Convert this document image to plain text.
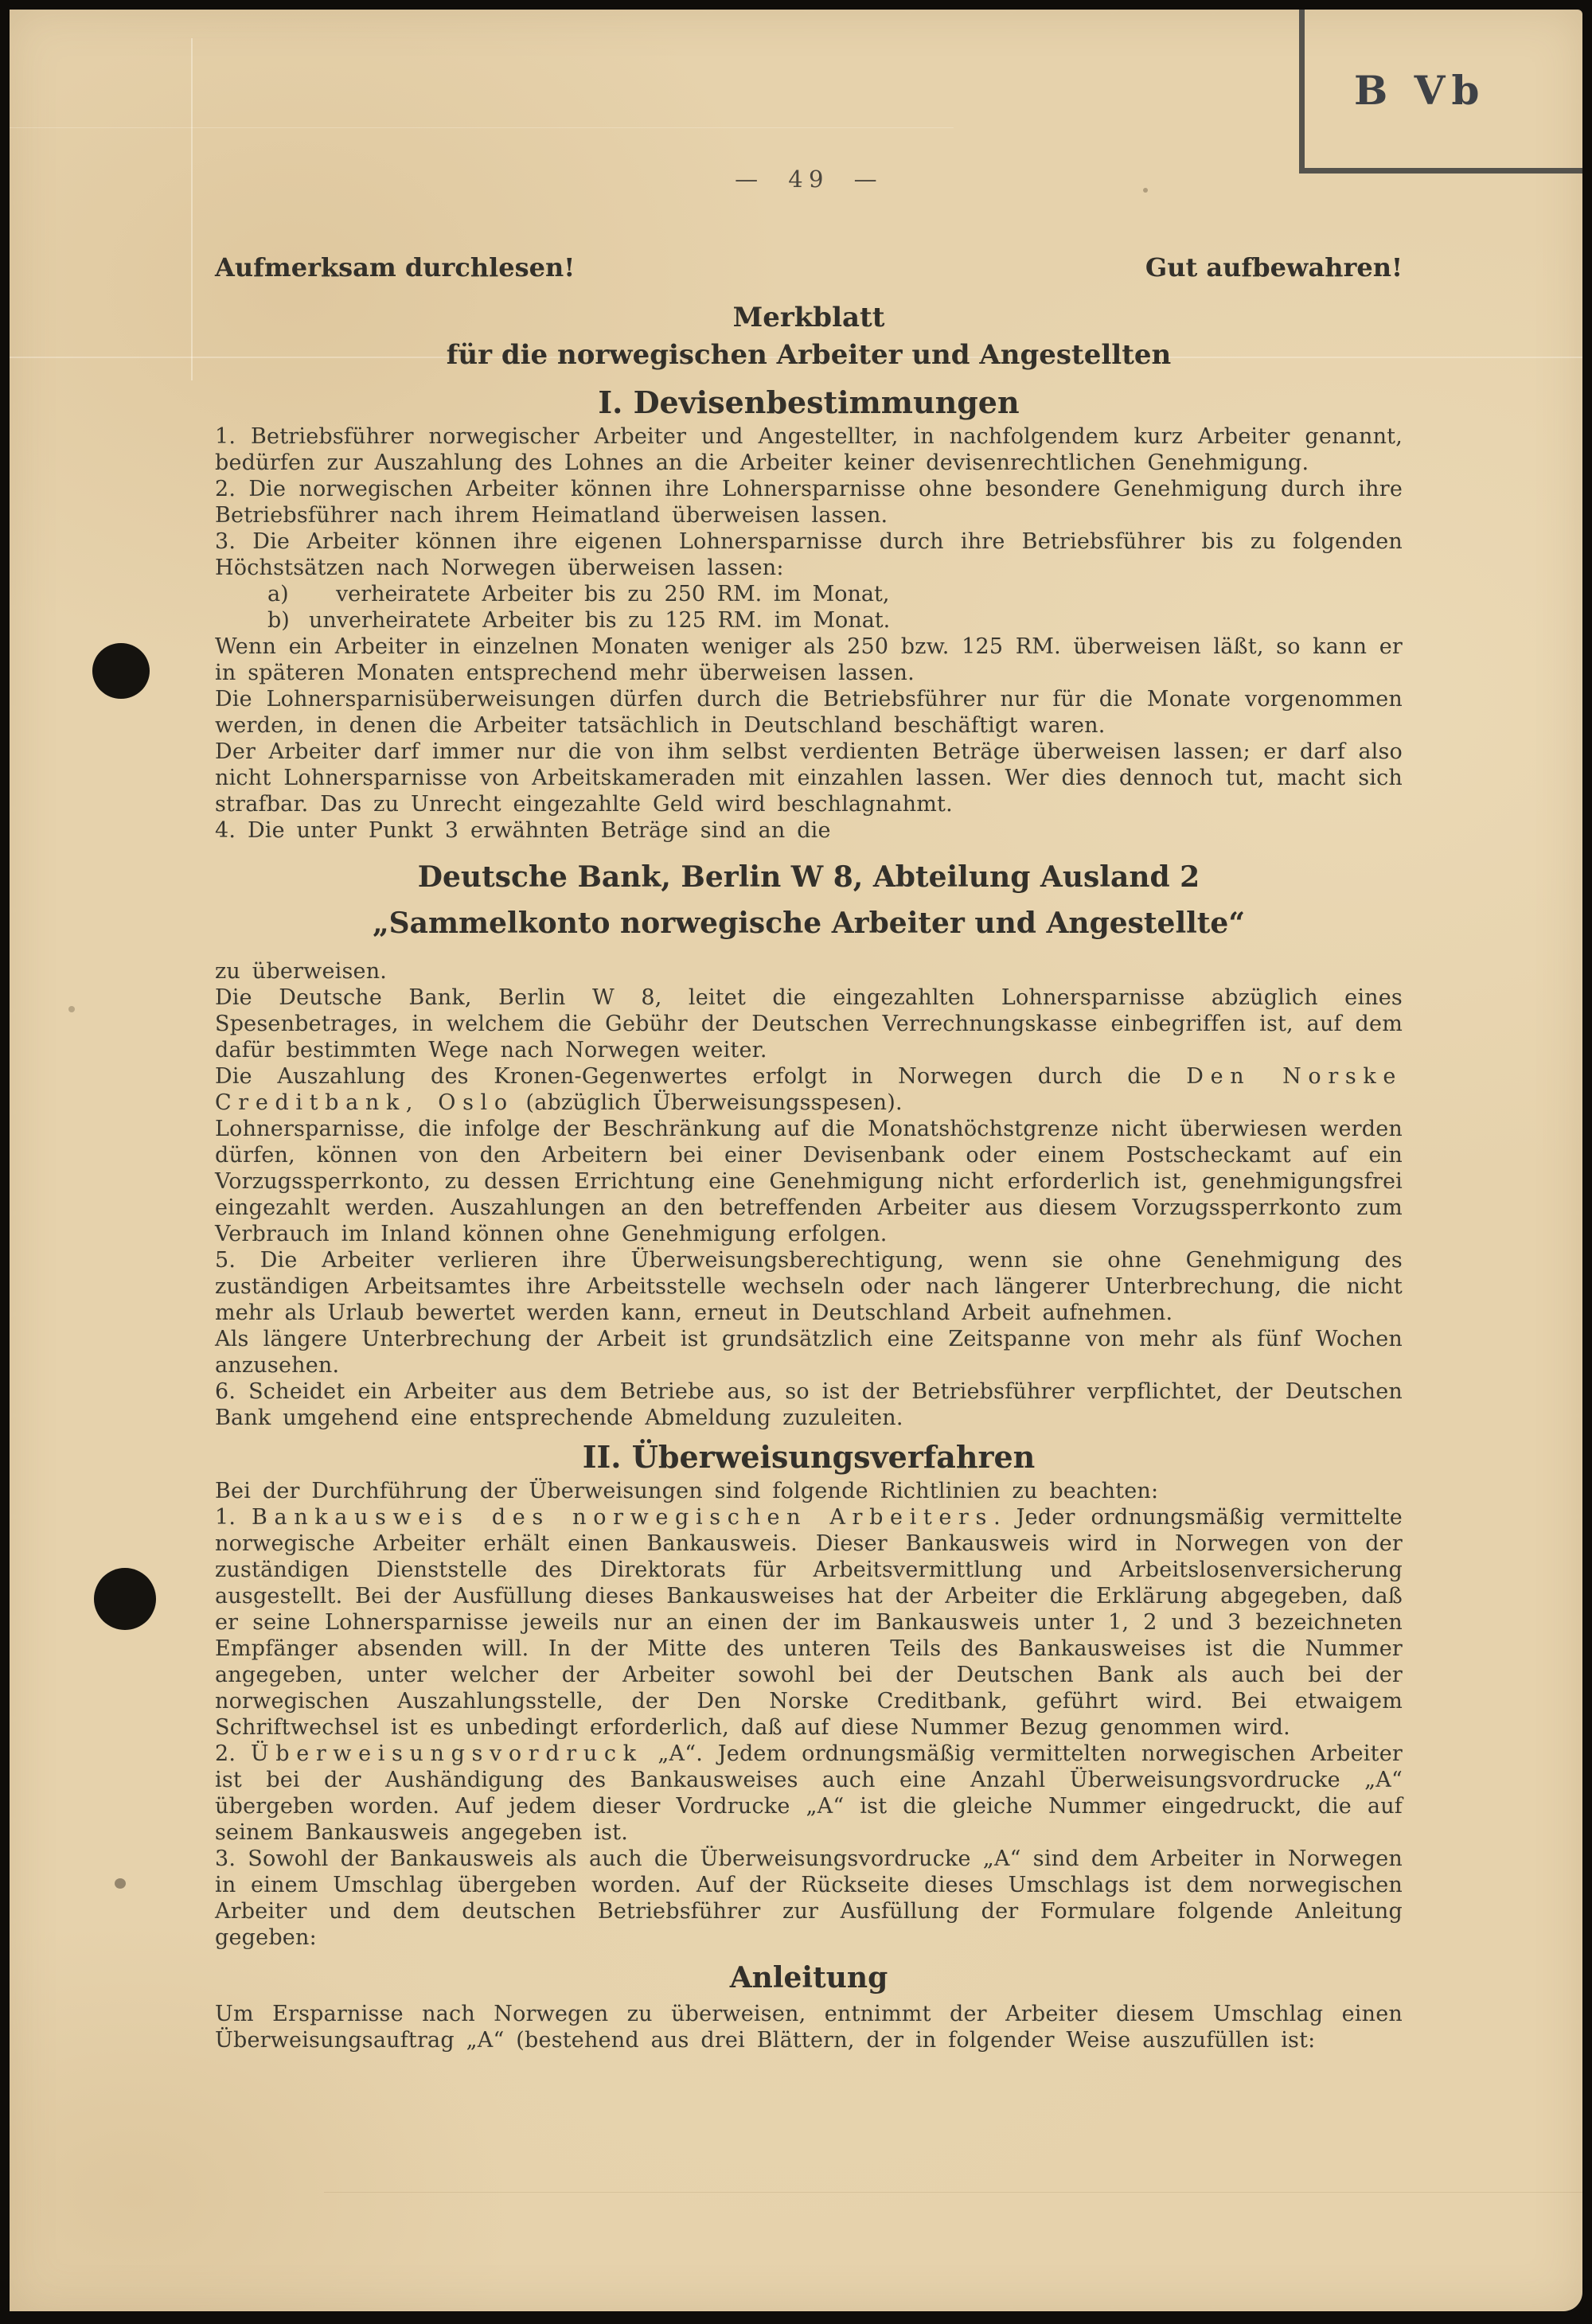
B Vb
— 49 —
Aufmerksam durchlesen!	Gut aufbewahren!
Merkblatt
für die norwegischen Arbeiter und Angestellten
I. Devisenbestimmungen

1. Betriebsführer norwegischer Arbeiter und Angestellter, in nachfolgendem kurz Arbeiter genannt, bedürfen zur Auszahlung des Lohnes an die Arbeiter keiner devisenrechtlichen Genehmigung.

2. Die norwegischen Arbeiter können ihre Lohnersparnisse ohne besondere Genehmigung durch ihre Betriebsführer nach ihrem Heimatland überweisen lassen.

3. Die Arbeiter können ihre eigenen Lohnersparnisse durch ihre Betriebsführer bis zu folgenden Höchstsätzen nach Norwegen überweisen lassen:

a)	verheiratete Arbeiter bis zu 250 RM. im Monat,
b) unverheiratete Arbeiter bis zu 125 RM. im Monat.

Wenn ein Arbeiter in einzelnen Monaten weniger als 250 bzw. 125 RM. überweisen läßt, so kann er in späteren Monaten entsprechend mehr überweisen lassen.

Die Lohnersparnisüberweisungen dürfen durch die Betriebsführer nur für die Monate vorgenommen werden, in denen die Arbeiter tatsächlich in Deutschland beschäftigt waren.

Der Arbeiter darf immer nur die von ihm selbst verdienten Beträge überweisen lassen; er darf also nicht Lohnersparnisse von Arbeitskameraden mit einzahlen lassen. Wer dies dennoch tut, macht sich strafbar. Das zu Unrecht eingezahlte Geld wird beschlagnahmt.

4. Die unter Punkt 3 erwähnten Beträge sind an die

Deutsche Bank, Berlin W 8, Abteilung Ausland 2
„Sammelkonto norwegische Arbeiter und Angestellte“

zu überweisen.

Die Deutsche Bank, Berlin W 8, leitet die eingezahlten Lohnersparnisse abzüglich eines Spesenbetrages, in welchem die Gebühr der Deutschen Verrechnungskasse einbegriffen ist, auf dem dafür bestimmten Wege nach Norwegen weiter.

Die Auszahlung des Kronen-Gegenwertes erfolgt in Norwegen durch die Den Norske Creditbank, Oslo (abzüglich Überweisungsspesen).

Lohnersparnisse, die infolge der Beschränkung auf die Monatshöchstgrenze nicht überwiesen werden dürfen, können von den Arbeitern bei einer Devisenbank oder einem Postscheckamt auf ein Vorzugssperrkonto, zu dessen Errichtung eine Genehmigung nicht erforderlich ist, genehmigungsfrei eingezahlt werden. Auszahlungen an den betreffenden Arbeiter aus diesem Vorzugssperrkonto zum Verbrauch im Inland können ohne Genehmigung erfolgen.

5. Die Arbeiter verlieren ihre Überweisungsberechtigung, wenn sie ohne Genehmigung des zuständigen Arbeitsamtes ihre Arbeitsstelle wechseln oder nach längerer Unterbrechung, die nicht mehr als Urlaub bewertet werden kann, erneut in Deutschland Arbeit aufnehmen.

Als längere Unterbrechung der Arbeit ist grundsätzlich eine Zeitspanne von mehr als fünf Wochen anzusehen.

6. Scheidet ein Arbeiter aus dem Betriebe aus, so ist der Betriebsführer verpflichtet, der Deutschen Bank umgehend eine entsprechende Abmeldung zuzuleiten.

II. Überweisungsverfahren

Bei der Durchführung der Überweisungen sind folgende Richtlinien zu beachten:

1. Bankausweis des norwegischen Arbeiters. Jeder ordnungsmäßig vermittelte norwegische Arbeiter erhält einen Bankausweis. Dieser Bankausweis wird in Norwegen von der zuständigen Dienststelle des Direktorats für Arbeitsvermittlung und Arbeitslosenversicherung ausgestellt. Bei der Ausfüllung dieses Bankausweises hat der Arbeiter die Erklärung abgegeben, daß er seine Lohnersparnisse jeweils nur an einen der im Bankausweis unter 1, 2 und 3 bezeichneten Empfänger absenden will. In der Mitte des unteren Teils des Bankausweises ist die Nummer angegeben, unter welcher der Arbeiter sowohl bei der Deutschen Bank als auch bei der norwegischen Auszahlungsstelle, der Den Norske Creditbank, geführt wird. Bei etwaigem Schriftwechsel ist es unbedingt erforderlich, daß auf diese Nummer Bezug genommen wird.

2. Überweisungsvordruck „A“. Jedem ordnungsmäßig vermittelten norwegischen Arbeiter ist bei der Aushändigung des Bankausweises auch eine Anzahl Überweisungsvordrucke „A“ übergeben worden. Auf jedem dieser Vordrucke „A“ ist die gleiche Nummer eingedruckt, die auf seinem Bankausweis angegeben ist.

3. Sowohl der Bankausweis als auch die Überweisungsvordrucke „A“ sind dem Arbeiter in Norwegen in einem Umschlag übergeben worden. Auf der Rückseite dieses Umschlags ist dem norwegischen Arbeiter und dem deutschen Betriebsführer zur Ausfüllung der Formulare folgende Anleitung gegeben:

Anleitung

Um Ersparnisse nach Norwegen zu überweisen, entnimmt der Arbeiter diesem Umschlag einen Überweisungsauftrag „A“ (bestehend aus drei Blättern, der in folgender Weise auszufüllen ist:
